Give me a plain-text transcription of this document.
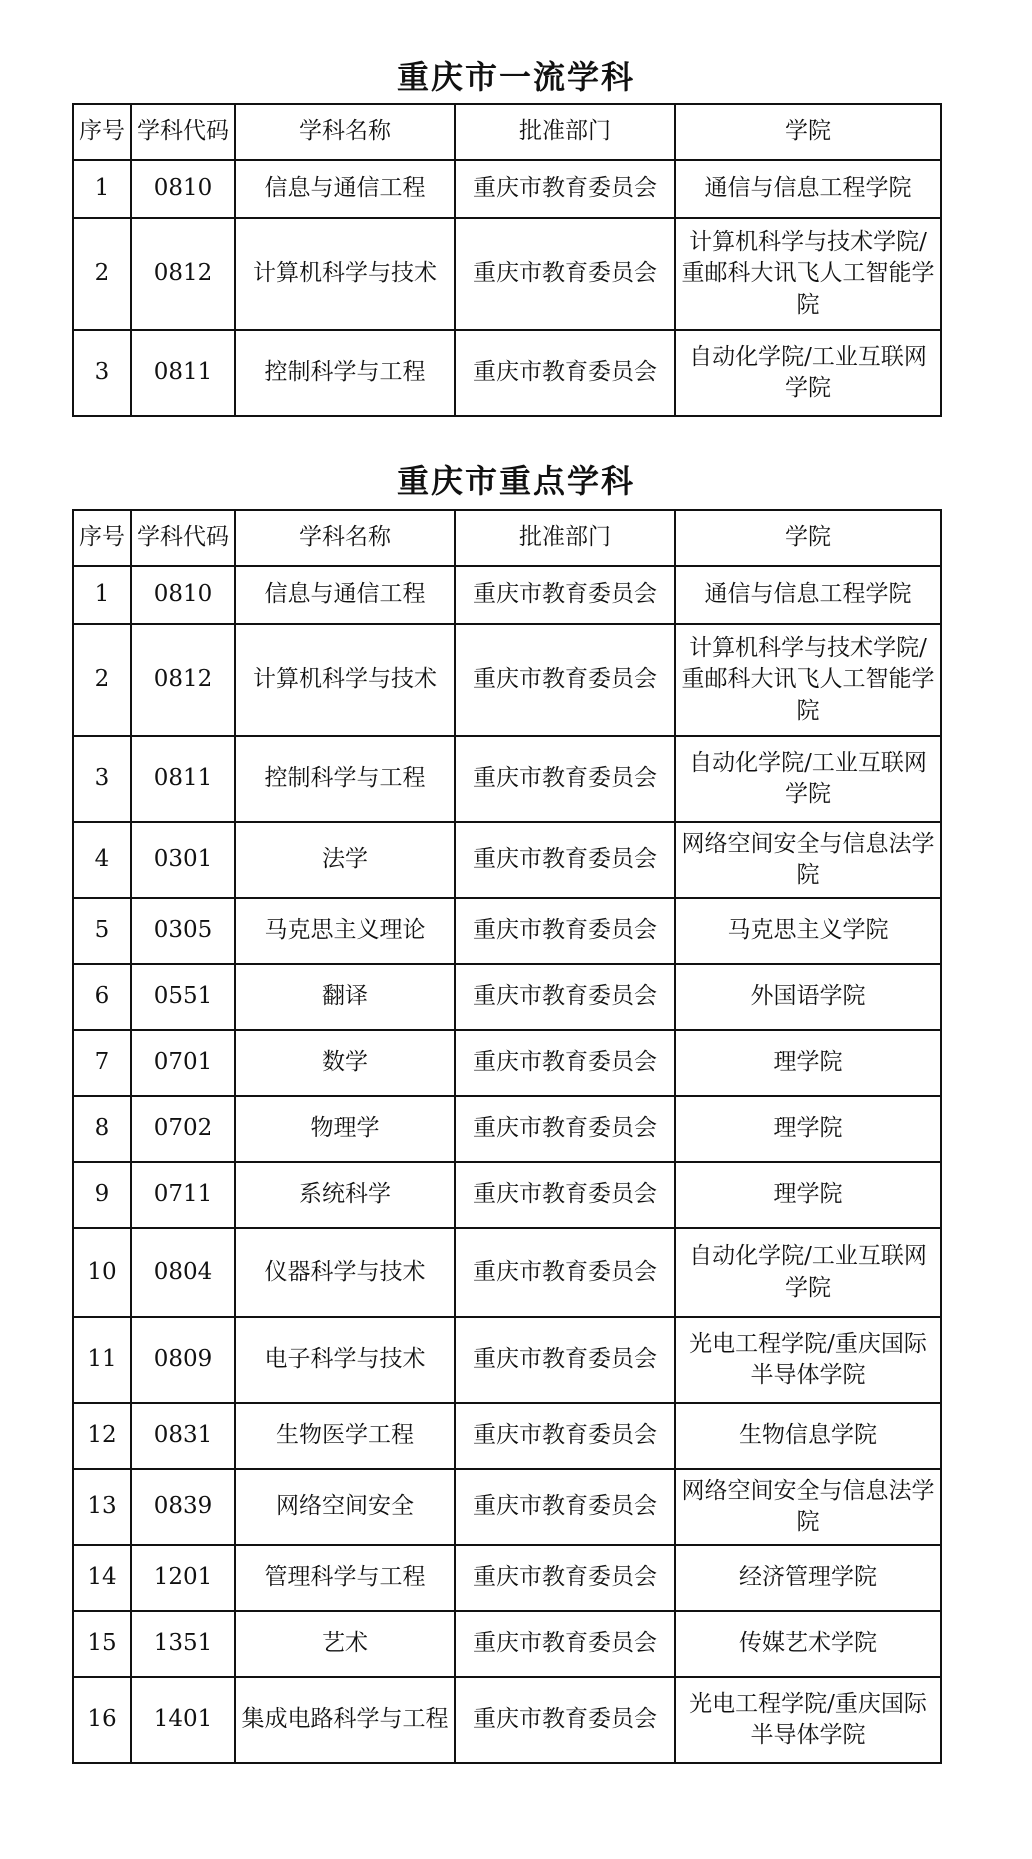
重庆市一流学科
序号	学科代码	学科名称	批准部门	学院
1	0810	信息与通信工程	重庆市教育委员会	通信与信息工程学院
2	0812	计算机科学与技术	重庆市教育委员会	计算机科学与技术学院/重邮科大讯飞人工智能学院
3	0811	控制科学与工程	重庆市教育委员会	自动化学院/工业互联网学院
重庆市重点学科
序号	学科代码	学科名称	批准部门	学院
1	0810	信息与通信工程	重庆市教育委员会	通信与信息工程学院
2	0812	计算机科学与技术	重庆市教育委员会	计算机科学与技术学院/重邮科大讯飞人工智能学院
3	0811	控制科学与工程	重庆市教育委员会	自动化学院/工业互联网学院
4	0301	法学	重庆市教育委员会	网络空间安全与信息法学院
5	0305	马克思主义理论	重庆市教育委员会	马克思主义学院
6	0551	翻译	重庆市教育委员会	外国语学院
7	0701	数学	重庆市教育委员会	理学院
8	0702	物理学	重庆市教育委员会	理学院
9	0711	系统科学	重庆市教育委员会	理学院
10	0804	仪器科学与技术	重庆市教育委员会	自动化学院/工业互联网学院
11	0809	电子科学与技术	重庆市教育委员会	光电工程学院/重庆国际半导体学院
12	0831	生物医学工程	重庆市教育委员会	生物信息学院
13	0839	网络空间安全	重庆市教育委员会	网络空间安全与信息法学院
14	1201	管理科学与工程	重庆市教育委员会	经济管理学院
15	1351	艺术	重庆市教育委员会	传媒艺术学院
16	1401	集成电路科学与工程	重庆市教育委员会	光电工程学院/重庆国际半导体学院
